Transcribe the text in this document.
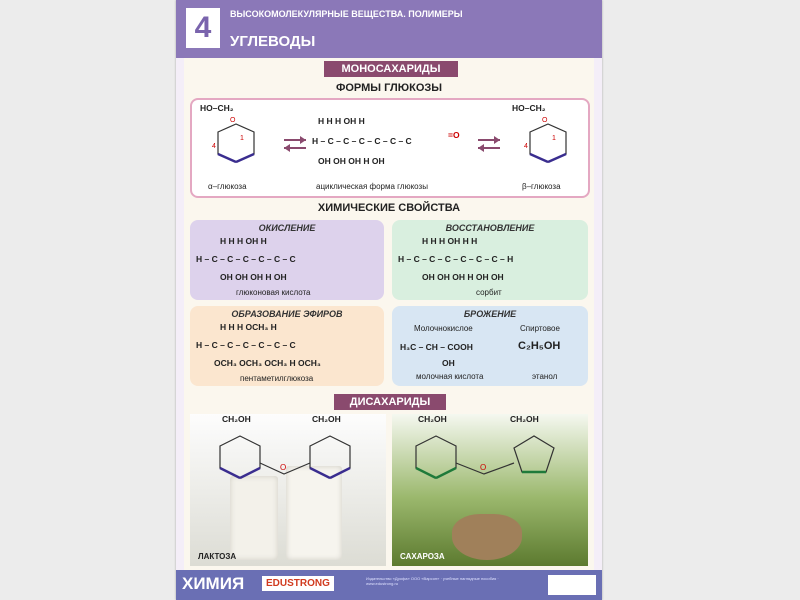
4	ВЫСОКОМОЛЕКУЛЯРНЫЕ ВЕЩЕСТВА. ПОЛИМЕРЫ
УГЛЕВОДЫ
МОНОСАХАРИДЫ
ФОРМЫ ГЛЮКОЗЫ
O
4
1
HO–CH₂
α–глюкоза
H H H OH H
H – C – C – C – C – C – C
=O
OH OH OH H OH
ациклическая форма глюкозы
O
4
1
HO–CH₂
β–глюкоза
ХИМИЧЕСКИЕ СВОЙСТВА
ОКИСЛЕНИЕ
H H H OH H
H – C – C – C – C – C – C
OH OH OH H OH
глюконовая кислота
ВОССТАНОВЛЕНИЕ
H H H OH H H
H – C – C – C – C – C – C – H
OH OH OH H OH OH
сорбит
ОБРАЗОВАНИЕ ЭФИРОВ
H H H OCH₃ H
H – C – C – C – C – C – C
OCH₃ OCH₃ OCH₃ H OCH₃
пентаметилглюкоза
БРОЖЕНИЕ
Молочнокислое	Спиртовое
H₃C – CH – COOH	C₂H₅OH
OH
молочная кислота	этанол
ДИСАХАРИДЫ
O
CH₂OH	CH₂OH
ЛАКТОЗА
O
CH₂OH	CH₂OH
САХАРОЗА
ХИМИЯ	EDUSTRONG	Издательство «Дрофа» ООО «Варсон» · учебные наглядные пособия · www.edustrong.ru
